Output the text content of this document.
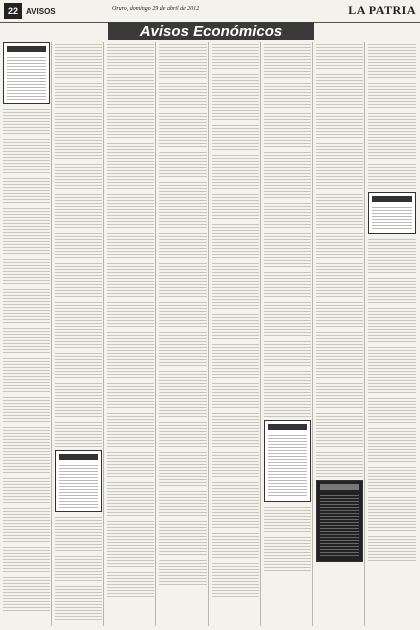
22	AVISOS	Oruro, domingo 29 de abril de 2012	LA PATRIA
Avisos Económicos
